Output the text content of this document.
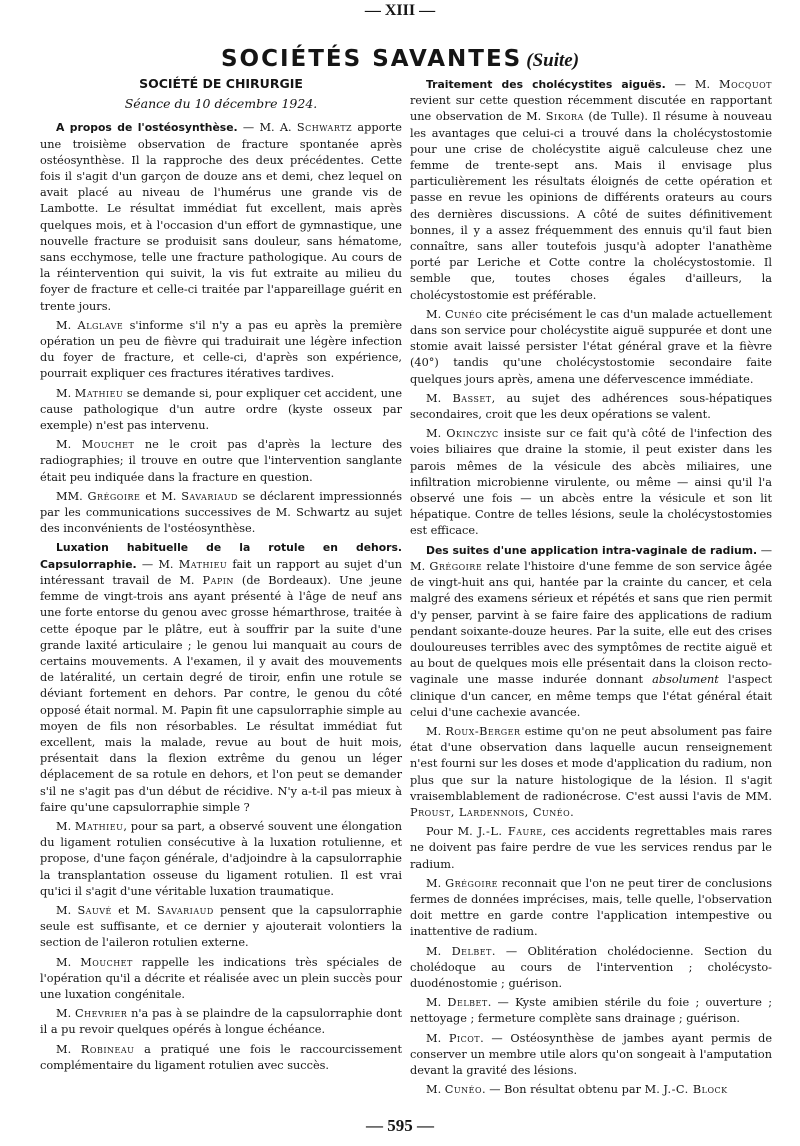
— XIII —
SOCIÉTÉS SAVANTES (Suite)
SOCIÉTÉ DE CHIRURGIE
Séance du 10 décembre 1924.

A propos de l'ostéosynthèse. — M. A. Schwartz apporte une troisième observation de fracture spontanée après ostéosynthèse. Il la rapproche des deux précédentes. Cette fois il s'agit d'un garçon de douze ans et demi, chez lequel on avait placé au niveau de l'humérus une grande vis de Lambotte. Le résultat immédiat fut excellent, mais après quelques mois, et à l'occasion d'un effort de gymnastique, une nouvelle fracture se produisit sans douleur, sans hématome, sans ecchymose, telle une fracture pathologique. Au cours de la réintervention qui suivit, la vis fut extraite au milieu du foyer de fracture et celle-ci traitée par l'appareillage guérit en trente jours.

M. Alglave s'informe s'il n'y a pas eu après la première opération un peu de fièvre qui traduirait une légère infection du foyer de fracture, et celle-ci, d'après son expérience, pourrait expliquer ces fractures itératives tardives.

M. Mathieu se demande si, pour expliquer cet accident, une cause pathologique d'un autre ordre (kyste osseux par exemple) n'est pas intervenu.

M. Mouchet ne le croit pas d'après la lecture des radiographies; il trouve en outre que l'intervention sanglante était peu indiquée dans la fracture en question.

MM. Grégoire et M. Savariaud se déclarent impressionnés par les communications successives de M. Schwartz au sujet des inconvénients de l'ostéosynthèse.

Luxation habituelle de la rotule en dehors. Capsulorraphie. — M. Mathieu fait un rapport au sujet d'un intéressant travail de M. Papin (de Bordeaux). Une jeune femme de vingt-trois ans ayant présenté à l'âge de neuf ans une forte entorse du genou avec grosse hémarthrose, traitée à cette époque par le plâtre, eut à souffrir par la suite d'une grande laxité articulaire ; le genou lui manquait au cours de certains mouvements. A l'examen, il y avait des mouvements de latéralité, un certain degré de tiroir, enfin une rotule se déviant fortement en dehors. Par contre, le genou du côté opposé était normal. M. Papin fit une capsulorraphie simple au moyen de fils non résorbables. Le résultat immédiat fut excellent, mais la malade, revue au bout de huit mois, présentait dans la flexion extrême du genou un léger déplacement de sa rotule en dehors, et l'on peut se demander s'il ne s'agit pas d'un début de récidive. N'y a-t-il pas mieux à faire qu'une capsulorraphie simple ?

M. Mathieu, pour sa part, a observé souvent une élongation du ligament rotulien consécutive à la luxation rotulienne, et propose, d'une façon générale, d'adjoindre à la capsulorraphie la transplantation osseuse du ligament rotulien. Il est vrai qu'ici il s'agit d'une véritable luxation traumatique.

M. Sauvé et M. Savariaud pensent que la capsulorraphie seule est suffisante, et ce dernier y ajouterait volontiers la section de l'aileron rotulien externe.

M. Mouchet rappelle les indications très spéciales de l'opération qu'il a décrite et réalisée avec un plein succès pour une luxation congénitale.

M. Chevrier n'a pas à se plaindre de la capsulorraphie dont il a pu revoir quelques opérés à longue échéance.

M. Robineau a pratiqué une fois le raccourcissement complémentaire du ligament rotulien avec succès.

Traitement des cholécystites aiguës. — M. Mocquot revient sur cette question récemment discutée en rapportant une observation de M. Sikora (de Tulle). Il résume à nouveau les avantages que celui-ci a trouvé dans la cholécystostomie pour une crise de cholécystite aiguë calculeuse chez une femme de trente-sept ans. Mais il envisage plus particulièrement les résultats éloignés de cette opération et passe en revue les opinions de différents orateurs au cours des dernières discussions. A côté de suites définitivement bonnes, il y a assez fréquemment des ennuis qu'il faut bien connaître, sans aller toutefois jusqu'à adopter l'anathème porté par Leriche et Cotte contre la cholécystostomie. Il semble que, toutes choses égales d'ailleurs, la cholécystostomie est préférable.

M. Cunéo cite précisément le cas d'un malade actuellement dans son service pour cholécystite aiguë suppurée et dont une stomie avait laissé persister l'état général grave et la fièvre (40°) tandis qu'une cholécystostomie secondaire faite quelques jours après, amena une défervescence immédiate.

M. Basset, au sujet des adhérences sous-hépatiques secondaires, croit que les deux opérations se valent.

M. Okinczyc insiste sur ce fait qu'à côté de l'infection des voies biliaires que draine la stomie, il peut exister dans les parois mêmes de la vésicule des abcès miliaires, une infiltration microbienne virulente, ou même — ainsi qu'il l'a observé une fois — un abcès entre la vésicule et son lit hépatique. Contre de telles lésions, seule la cholécystostomies est efficace.

Des suites d'une application intra-vaginale de radium. — M. Grégoire relate l'histoire d'une femme de son service âgée de vingt-huit ans qui, hantée par la crainte du cancer, et cela malgré des examens sérieux et répétés et sans que rien permit d'y penser, parvint à se faire faire des applications de radium pendant soixante-douze heures. Par la suite, elle eut des crises douloureuses terribles avec des symptômes de rectite aiguë et au bout de quelques mois elle présentait dans la cloison recto-vaginale une masse indurée donnant absolument l'aspect clinique d'un cancer, en même temps que l'état général était celui d'une cachexie avancée.

M. Roux-Berger estime qu'on ne peut absolument pas faire état d'une observation dans laquelle aucun renseignement n'est fourni sur les doses et mode d'application du radium, non plus que sur la nature histologique de la lésion. Il s'agit vraisemblablement de radionécrose. C'est aussi l'avis de MM. Proust, Lardennois, Cunéo.

Pour M. J.-L. Faure, ces accidents regrettables mais rares ne doivent pas faire perdre de vue les services rendus par le radium.

M. Grégoire reconnait que l'on ne peut tirer de conclusions fermes de données imprécises, mais, telle quelle, l'observation doit mettre en garde contre l'application intempestive ou inattentive de radium.

M. Delbet. — Oblitération cholédocienne. Section du cholédoque au cours de l'intervention ; cholécysto-duodénostomie ; guérison.

M. Delbet. — Kyste amibien stérile du foie ; ouverture ; nettoyage ; fermeture complète sans drainage ; guérison.

M. Picot. — Ostéosynthèse de jambes ayant permis de conserver un membre utile alors qu'on songeait à l'amputation devant la gravité des lésions.

M. Cunéo. — Bon résultat obtenu par M. J.-C. Block

— 595 —
